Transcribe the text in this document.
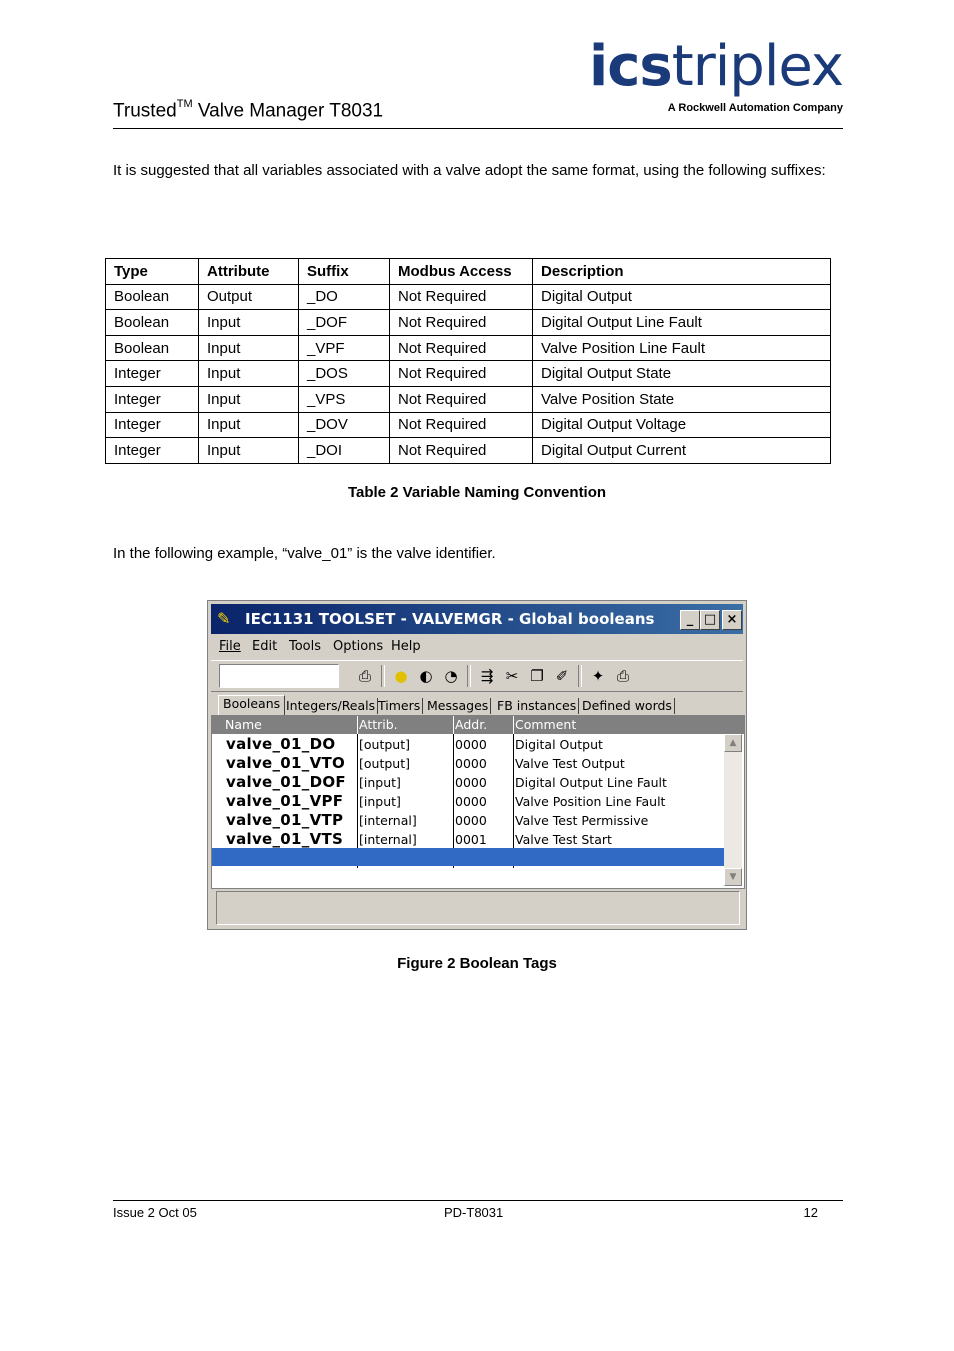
Trusted™ Valve Manager T8031
icstriplex
A Rockwell Automation Company
It is suggested that all variables associated with a valve adopt the same format, using the following suffixes:
Type	Attribute	Suffix	Modbus Access	Description
Boolean	Output	_DO	Not Required	Digital Output
Boolean	Input	_DOF	Not Required	Digital Output Line Fault
Boolean	Input	_VPF	Not Required	Valve Position Line Fault
Integer	Input	_DOS	Not Required	Digital Output State
Integer	Input	_VPS	Not Required	Valve Position State
Integer	Input	_DOV	Not Required	Digital Output Voltage
Integer	Input	_DOI	Not Required	Digital Output Current
Table 2 Variable Naming Convention
In the following example, “valve_01” is the valve identifier.
✎ IEC1131 TOOLSET - VALVEMGR - Global booleans	_ □ ×
File Edit Tools Options Help
⎙ ● ◐ ◔ ⇶ ✂ ❐ ✐ ✦ ⎙
Booleans Integers/Reals Timers Messages FB instances Defined words
Name	Attrib.	Addr. Comment
valve_01_DO [output]	0000 Digital Output
valve_01_VTO [output]	0000 Valve Test Output
valve_01_DOF [input]	0000 Digital Output Line Fault
valve_01_VPF [input]	0000 Valve Position Line Fault
valve_01_VTP [internal]	0000 Valve Test Permissive
valve_01_VTS [internal]	0001 Valve Test Start
▲
▼
Figure 2 Boolean Tags
Issue 2 Oct 05	PD-T8031	12
